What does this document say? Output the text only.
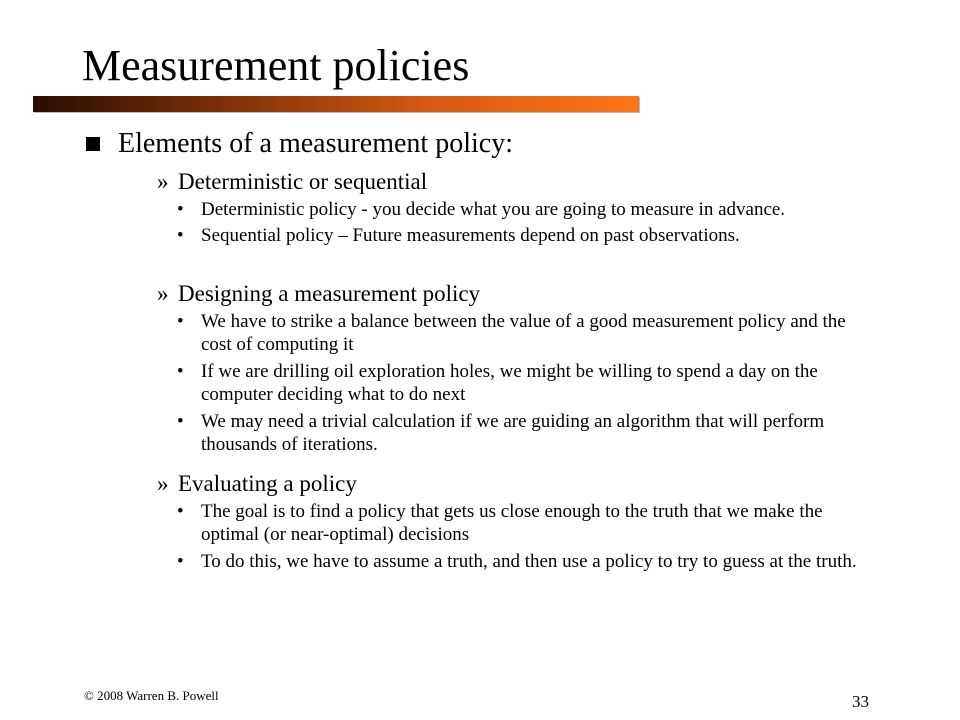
Measurement policies
Elements of a measurement policy:
» Deterministic or sequential
• Deterministic policy - you decide what you are going to measure in advance.
• Sequential policy – Future measurements depend on past observations.
» Designing a measurement policy
• We have to strike a balance between the value of a good measurement policy and the cost of computing it
• If we are drilling oil exploration holes, we might be willing to spend a day on the computer deciding what to do next
• We may need a trivial calculation if we are guiding an algorithm that will perform thousands of iterations.
» Evaluating a policy
• The goal is to find a policy that gets us close enough to the truth that we make the optimal (or near-optimal) decisions
• To do this, we have to assume a truth, and then use a policy to try to guess at the truth.
© 2008 Warren B. Powell	33
